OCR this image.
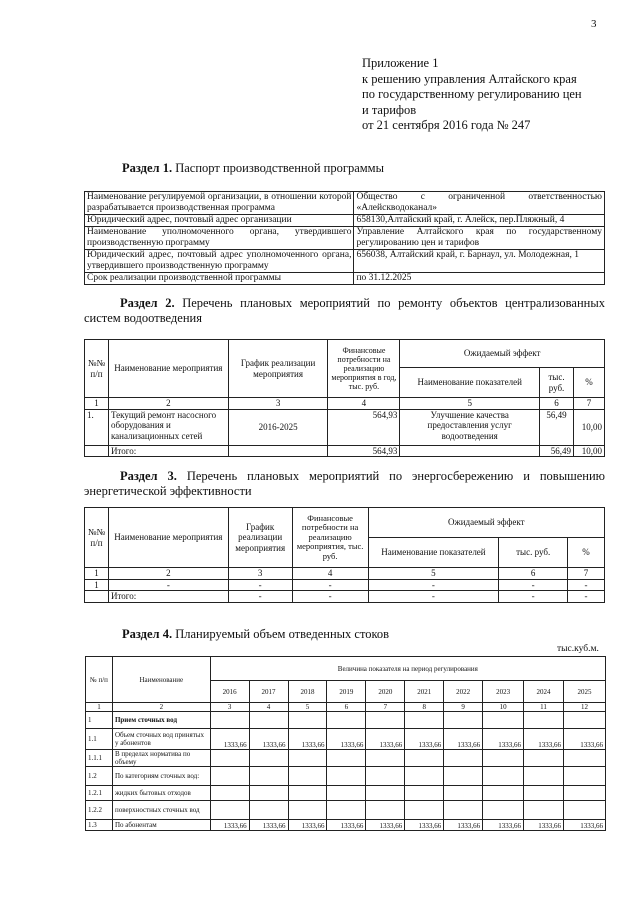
3
Приложение 1
к решению управления Алтайского края
по государственному регулированию цен
и тарифов
от 21 сентября 2016 года № 247
Раздел 1. Паспорт производственной программы
Наименование регулируемой организации, в отношении которой разрабатывается производственная программа	Общество с ограниченной ответственностью «Алейскводоканал»
Юридический адрес, почтовый адрес организации	658130,Алтайский край, г. Алейск, пер.Пляжный, 4
Наименование уполномоченного органа, утвердившего производственную программу	Управление Алтайского края по государственному регулированию цен и тарифов
Юридический адрес, почтовый адрес уполномоченного органа, утвердившего производственную программу	656038, Алтайский край, г. Барнаул, ул. Молодежная, 1
Срок реализации производственной программы	по 31.12.2025
Раздел 2. Перечень плановых мероприятий по ремонту объектов централизованных систем водоотведения
№№ п/п	Наименование мероприятия	График реализации мероприятия	Финансовые потребности на реализацию мероприятия в год, тыс. руб.	Ожидаемый эффект		
				Наименование показателей	тыс. руб.	%
1	2	3	4	5	6	7
1.	Текущий ремонт насосного оборудования и канализационных сетей	2016-2025	564,93	Улучшение качества предоставления услуг водоотведения	56,49	10,00
	Итого:		564,93		56,49	10,00
Раздел 3. Перечень плановых мероприятий по энергосбережению и повышению энергетической эффективности
№№ п/п	Наименование мероприятия	График реализации мероприятия	Финансовые потребности на реализацию мероприятия, тыс. руб.	Ожидаемый эффект		
				Наименование показателей	тыс. руб.	%
1	2	3	4	5	6	7
1	-	-	-	-	-	-
	Итого:	-	-	-	-	-
Раздел 4. Планируемый объем отведенных стоков
тыс.куб.м.
№ п/п	Наименование	Величина показателя на период регулирования									
		2016	2017	2018	2019	2020	2021	2022	2023	2024	2025
1	2	3	4	5	6	7	8	9	10	11	12
1	Прием сточных вод										
1.1	Объем сточных вод принятых у абонентов	1333,66	1333,66	1333,66	1333,66	1333,66	1333,66	1333,66	1333,66	1333,66	1333,66
1.1.1	В пределах норматива по объему										
1.2	По категориям сточных вод:										
1.2.1	жидких бытовых отходов										
1.2.2	поверхностных сточных вод										
1.3	По абонентам	1333,66	1333,66	1333,66	1333,66	1333,66	1333,66	1333,66	1333,66	1333,66	1333,66
